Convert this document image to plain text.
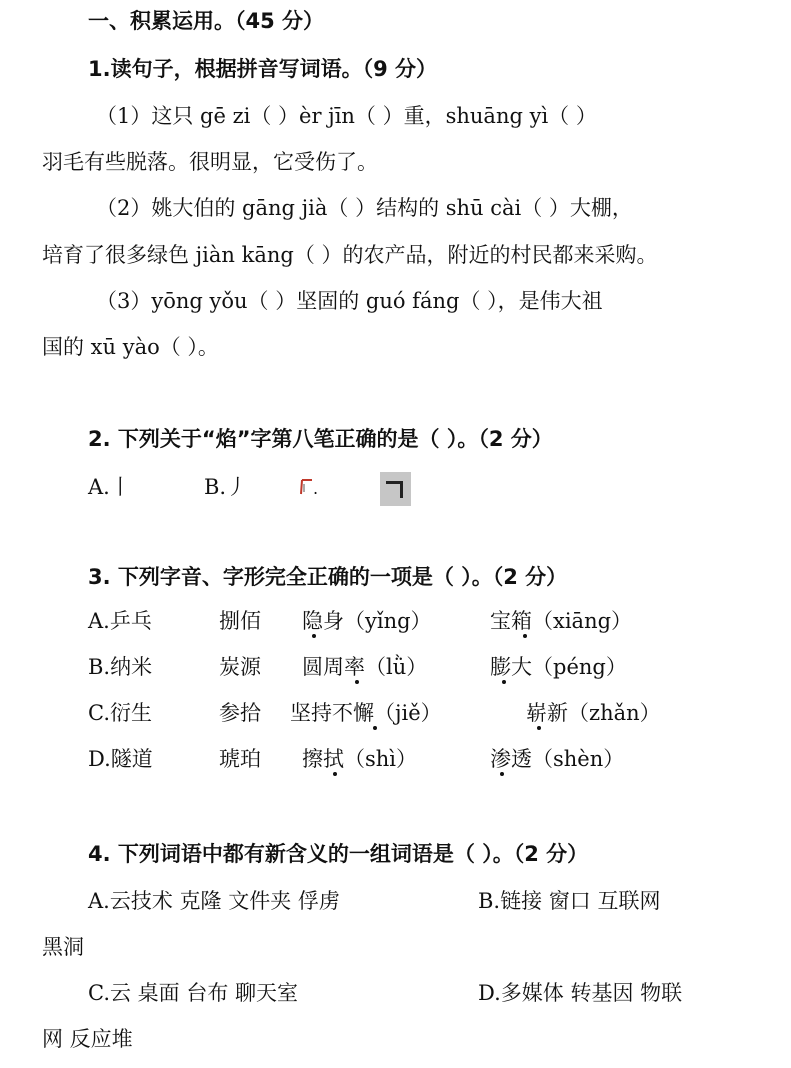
一、积累运用。（45 分）
1.读句子，根据拼音写词语。（9 分）
（1）这只 gē zi（ ）èr jīn（ ）重，shuāng yì（ ）
羽毛有些脱落。很明显，它受伤了。
（2）姚大伯的 gāng jià（ ）结构的 shū cài（ ）大棚，
培育了很多绿色 jiàn kāng（ ）的农产品，附近的村民都来采购。
（3）yōng yǒu（ ）坚固的 guó fáng（ ），是伟大祖
国的 xū yào（ ）。
2. 下列关于“焰”字第八笔正确的是（ ）。（2 分）
A.丨	B.丿	.
3. 下列字音、字形完全正确的一项是（ ）。（2 分）
A.乒乓	捌佰 隐身（yǐng）	宝箱（xiāng）
B.纳米	炭源 圆周率（lǜ）	膨大（péng）
C.衍生	参拾 坚持不懈（jiě）	崭新（zhǎn）
D.隧道	琥珀 擦拭（shì）	渗透（shèn）
4. 下列词语中都有新含义的一组词语是（ ）。（2 分）
A.云技术 克隆 文件夹 俘虏	B.链接 窗口 互联网
黑洞
C.云 桌面 台布 聊天室	D.多媒体 转基因 物联
网 反应堆
